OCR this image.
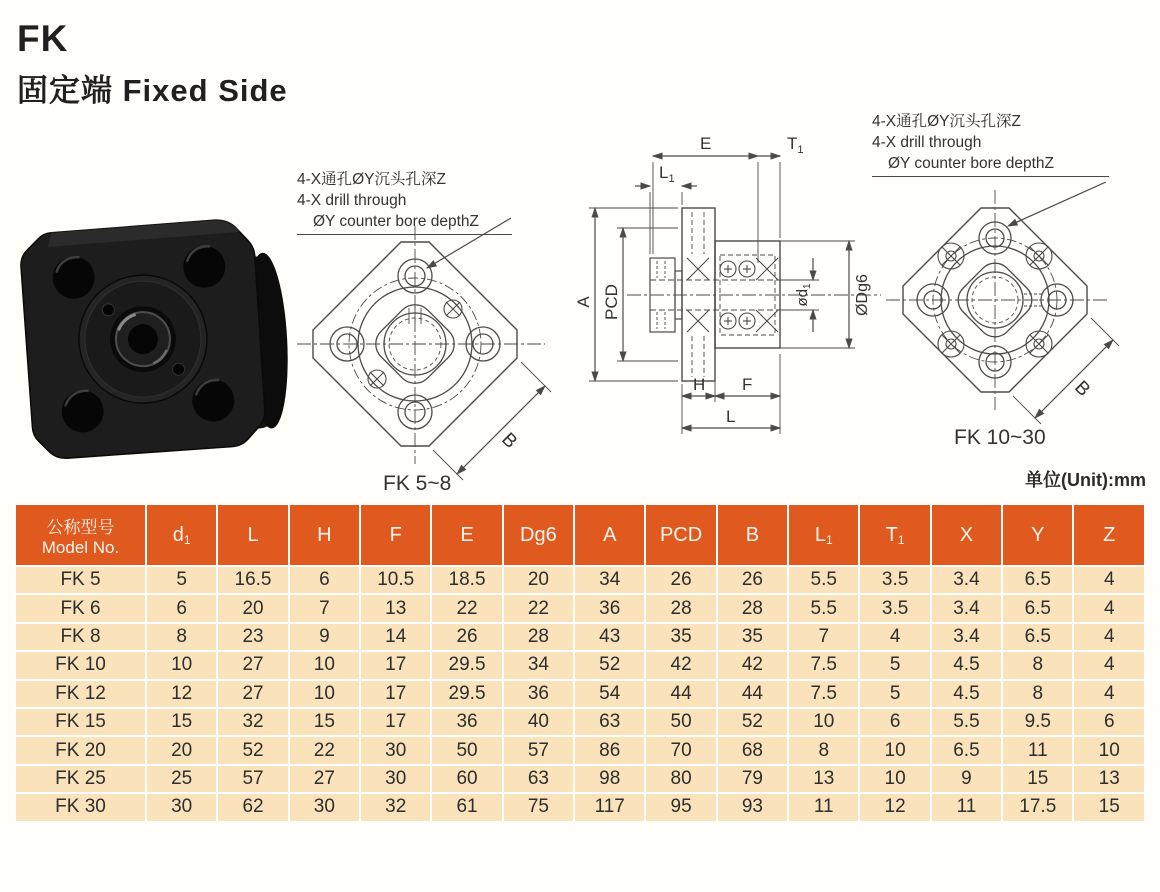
FK
固定端 Fixed Side
4-X通孔ØY沉头孔深Z
4-X drill through
ØY counter bore depthZ
B
FK 5~8
E	$T_1$
$L_1$
A PCD	$ød_1$	ØDg6
H F
L
4-X通孔ØY沉头孔深Z
4-X drill through
ØY counter bore depthZ
B
FK 10~30
单位(Unit):mm
公称型号
Model No.	$d_1$	L	H	F	E	Dg6	A	PCD	B	$L_1$	$T_1$	X	Y	Z
FK 5	5	16.5	6	10.5	18.5	20	34	26	26	5.5	3.5	3.4	6.5	4
FK 6	6	20	7	13	22	22	36	28	28	5.5	3.5	3.4	6.5	4
FK 8	8	23	9	14	26	28	43	35	35	7	4	3.4	6.5	4
FK 10	10	27	10	17	29.5	34	52	42	42	7.5	5	4.5	8	4
FK 12	12	27	10	17	29.5	36	54	44	44	7.5	5	4.5	8	4
FK 15	15	32	15	17	36	40	63	50	52	10	6	5.5	9.5	6
FK 20	20	52	22	30	50	57	86	70	68	8	10	6.5	11	10
FK 25	25	57	27	30	60	63	98	80	79	13	10	9	15	13
FK 30	30	62	30	32	61	75	117	95	93	11	12	11	17.5	15
